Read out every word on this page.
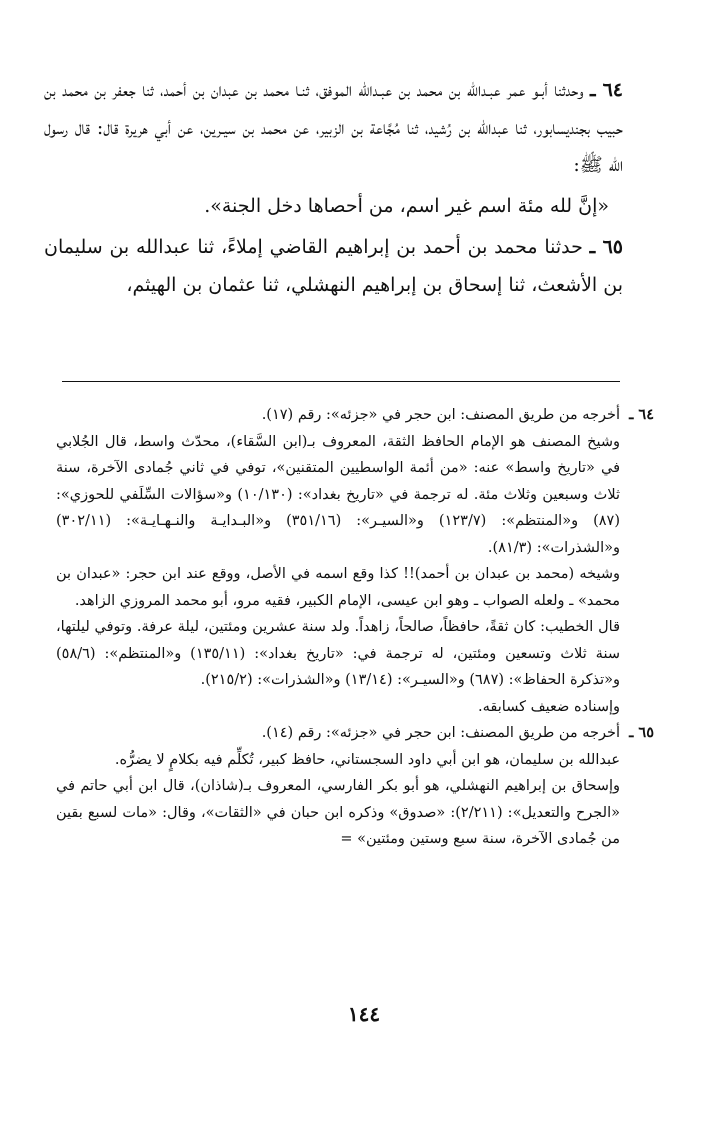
٦٤ ـ وحدثنا أبـو عمر عبـدالله بن محمد بن عبـدالله الموفق، ثنـا محمد بن عبدان بن أحمد، ثنا جعفر بن محمد بن حبيب بجنديسابور، ثنا عبدالله بن رُشيد، ثنا مُجَّاعة بن الزبير، عن محمد بن سيـرين، عن أبي هريرة قال: قال رسول الله ﷺ:

«إنَّ لله مئة اسم غير اسم، من أحصاها دخل الجنة».

٦٥ ـ حدثنا محمد بن أحمد بن إبراهيم القاضي إملاءً، ثنا عبدالله بن سليمان بن الأشعث، ثنا إسحاق بن إبراهيم النهشلي، ثنا عثمان بن الهيثم،

٦٤ ـ
أخرجه من طريق المصنف: ابن حجر في «جزئه»: رقم (١٧).

وشيخ المصنف هو الإمام الحافظ الثقة، المعروف بـ(ابن السَّقاء)، محدّث واسط، قال الجُلابي في «تاريخ واسط» عنه: «من أئمة الواسطيين المتقنين»، توفي في ثاني جُمادى الآخرة، سنة ثلاث وسبعين وثلاث مئة. له ترجمة في «تاريخ بغداد»: (١٠/١٣٠) و«سؤالات السِّلَفي للحوزي»: (٨٧) و«المنتظم»: (١٢٣/٧) و«السيـر»: (٣٥١/١٦) و«البـدايـة والنـهـايـة»: (٣٠٢/١١) و«الشذرات»: (٨١/٣).

وشيخه (محمد بن عبدان بن أحمد)!! كذا وقع اسمه في الأصل، ووقع عند ابن حجر: «عبدان بن محمد» ـ ولعله الصواب ـ وهو ابن عيسى، الإمام الكبير، فقيه مرو، أبو محمد المروزي الزاهد.

قال الخطيب: كان ثقةً، حافظاً، صالحاً، زاهداً. ولد سنة عشرين ومئتين، ليلة عرفة. وتوفي ليلتها، سنة ثلاث وتسعين ومئتين، له ترجمة في: «تاريخ بغداد»: (١٣٥/١١) و«المنتظم»: (٥٨/٦) و«تذكرة الحفاظ»: (٦٨٧) و«السيـر»: (١٣/١٤) و«الشذرات»: (٢١٥/٢).

وإسناده ضعيف كسابقه.

٦٥ ـ
أخرجه من طريق المصنف: ابن حجر في «جزئه»: رقم (١٤).

عبدالله بن سليمان، هو ابن أبي داود السجستاني، حافظ كبير، تُكلِّم فيه بكلامٍ لا يضرُّه.

وإسحاق بن إبراهيم النهشلي، هو أبو بكر الفارسي، المعروف بـ(شاذان)، قال ابن أبي حاتم في «الجرح والتعديل»: (٢/٢١١): «صدوق» وذكره ابن حبان في «الثقات»، وقال: «مات لسبع بقين من جُمادى الآخرة، سنة سبع وستين ومئتين» =

١٤٤
